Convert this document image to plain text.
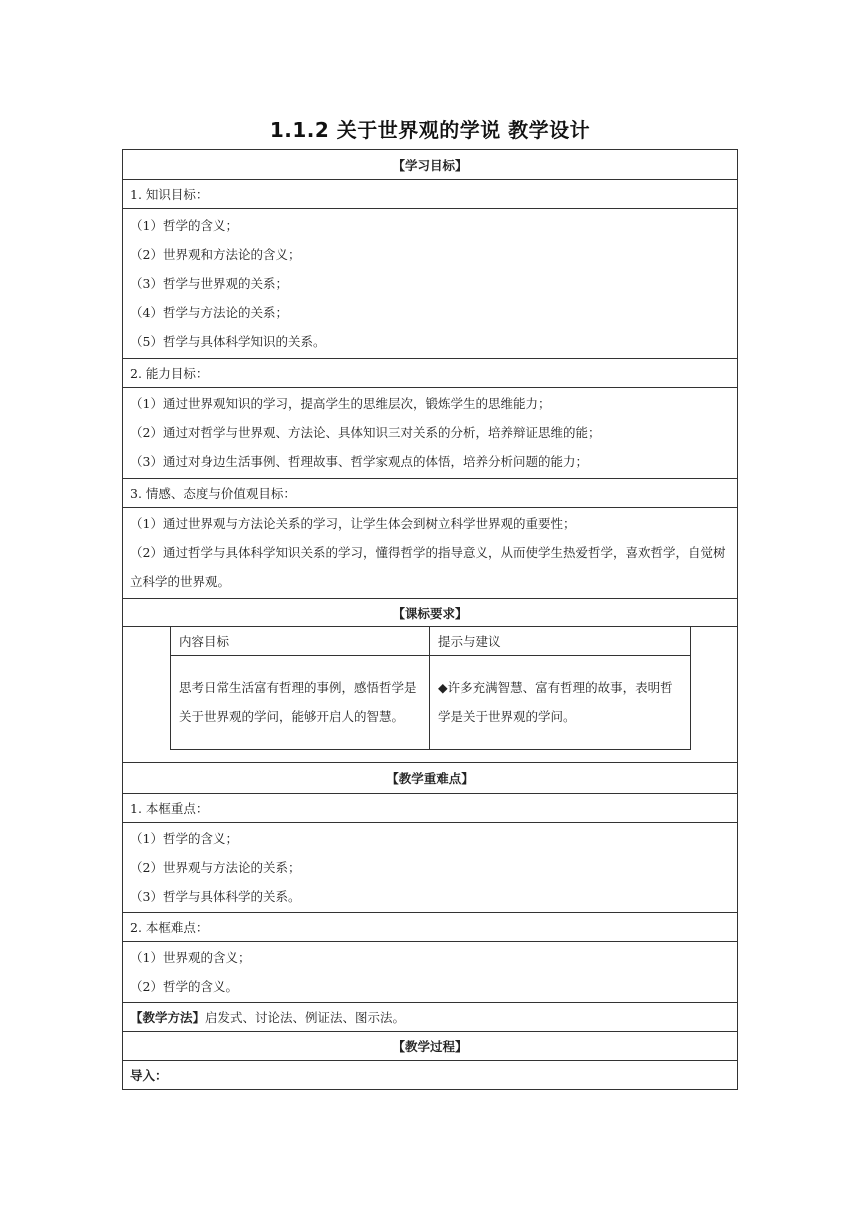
1.1.2 关于世界观的学说 教学设计
【学习目标】
1. 知识目标：
（1）哲学的含义；
（2）世界观和方法论的含义；
（3）哲学与世界观的关系；
（4）哲学与方法论的关系；
（5）哲学与具体科学知识的关系。
2. 能力目标：
（1）通过世界观知识的学习，提高学生的思维层次，锻炼学生的思维能力；
（2）通过对哲学与世界观、方法论、具体知识三对关系的分析，培养辩证思维的能；
（3）通过对身边生活事例、哲理故事、哲学家观点的体悟，培养分析问题的能力；
3. 情感、态度与价值观目标：
（1）通过世界观与方法论关系的学习，让学生体会到树立科学世界观的重要性；
（2）通过哲学与具体科学知识关系的学习，懂得哲学的指导意义，从而使学生热爱哲学，喜欢哲学，自觉树立科学的世界观。
【课标要求】
内容目标	提示与建议
思考日常生活富有哲理的事例，感悟哲学是关于世界观的学问，能够开启人的智慧。
◆许多充满智慧、富有哲理的故事，表明哲学是关于世界观的学问。
【教学重难点】
1. 本框重点：
（1）哲学的含义；
（2）世界观与方法论的关系；
（3）哲学与具体科学的关系。
2. 本框难点：
（1）世界观的含义；
（2）哲学的含义。
【教学方法】 启发式、讨论法、例证法、图示法。
【教学过程】
导入：
